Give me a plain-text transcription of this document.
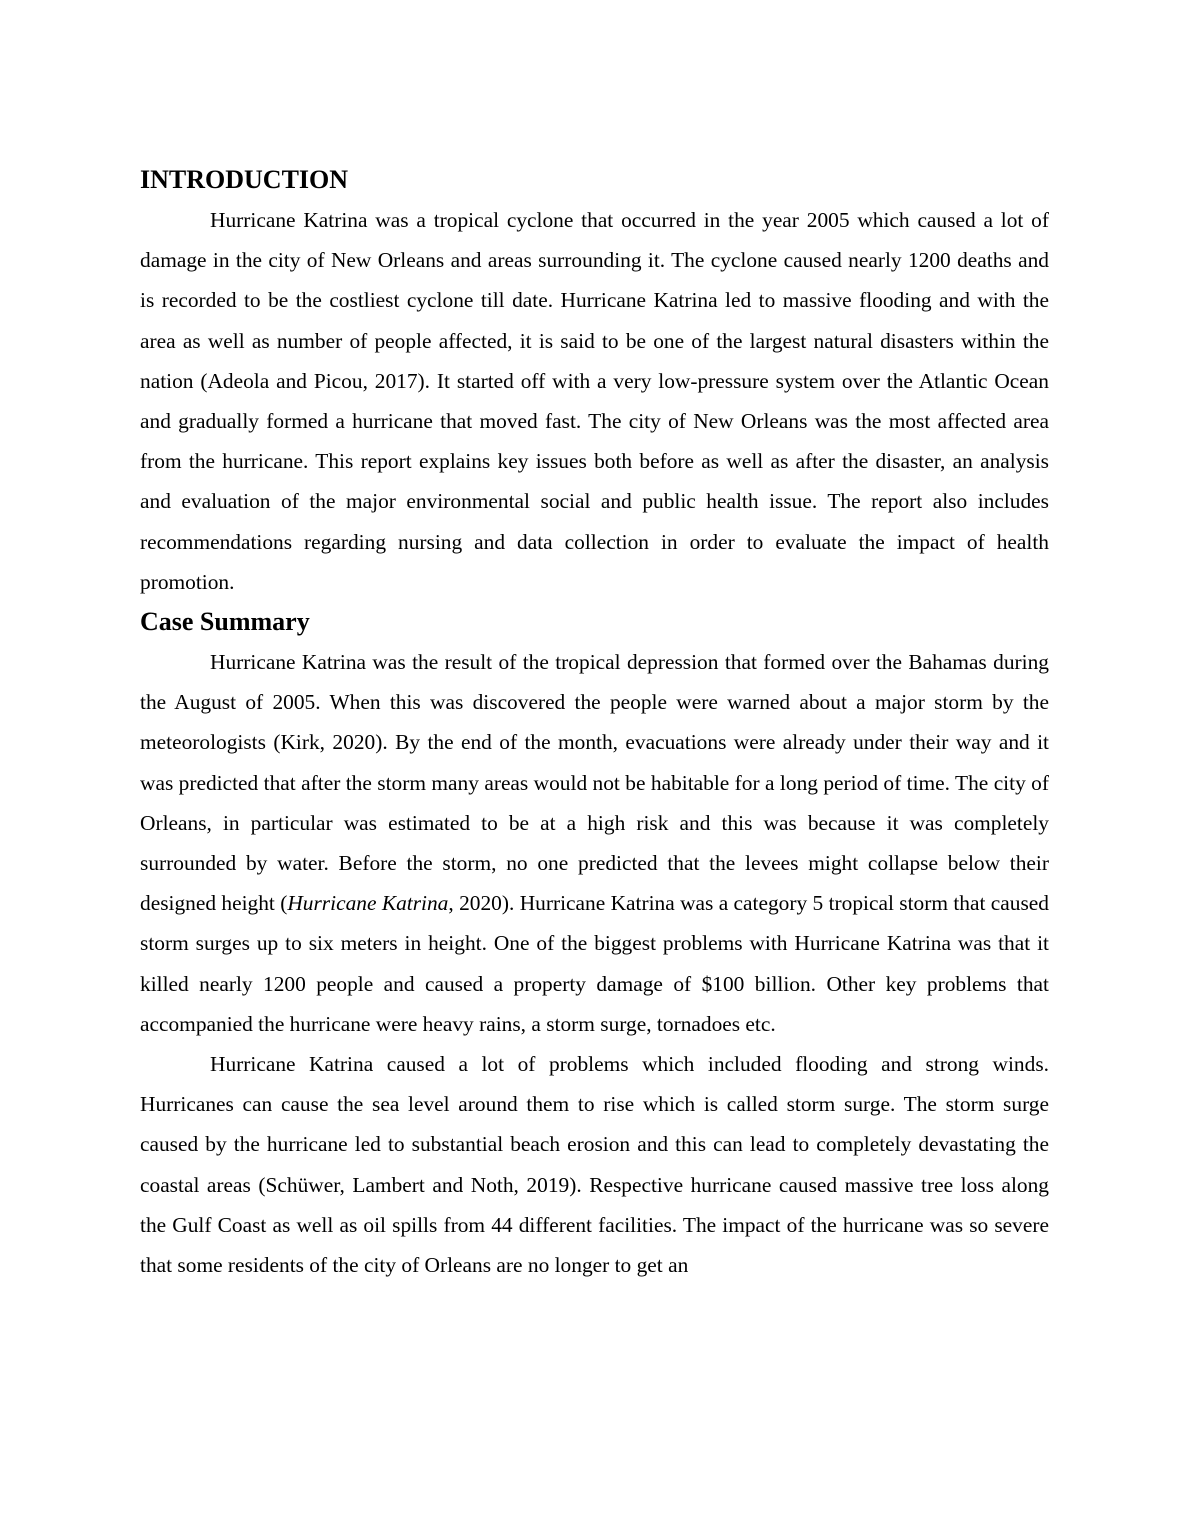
INTRODUCTION

Hurricane Katrina was a tropical cyclone that occurred in the year 2005 which caused a lot of damage in the city of New Orleans and areas surrounding it. The cyclone caused nearly 1200 deaths and is recorded to be the costliest cyclone till date. Hurricane Katrina led to massive flooding and with the area as well as number of people affected, it is said to be one of the largest natural disasters within the nation (Adeola and Picou, 2017). It started off with a very low-pressure system over the Atlantic Ocean and gradually formed a hurricane that moved fast. The city of New Orleans was the most affected area from the hurricane. This report explains key issues both before as well as after the disaster, an analysis and evaluation of the major environmental social and public health issue. The report also includes recommendations regarding nursing and data collection in order to evaluate the impact of health promotion.

Case Summary

Hurricane Katrina was the result of the tropical depression that formed over the Bahamas during the August of 2005. When this was discovered the people were warned about a major storm by the meteorologists (Kirk, 2020). By the end of the month, evacuations were already under their way and it was predicted that after the storm many areas would not be habitable for a long period of time. The city of Orleans, in particular was estimated to be at a high risk and this was because it was completely surrounded by water. Before the storm, no one predicted that the levees might collapse below their designed height (Hurricane Katrina, 2020). Hurricane Katrina was a category 5 tropical storm that caused storm surges up to six meters in height. One of the biggest problems with Hurricane Katrina was that it killed nearly 1200 people and caused a property damage of $100 billion. Other key problems that accompanied the hurricane were heavy rains, a storm surge, tornadoes etc.

Hurricane Katrina caused a lot of problems which included flooding and strong winds. Hurricanes can cause the sea level around them to rise which is called storm surge. The storm surge caused by the hurricane led to substantial beach erosion and this can lead to completely devastating the coastal areas (Schüwer, Lambert and Noth, 2019). Respective hurricane caused massive tree loss along the Gulf Coast as well as oil spills from 44 different facilities. The impact of the hurricane was so severe that some residents of the city of Orleans are no longer to get an
